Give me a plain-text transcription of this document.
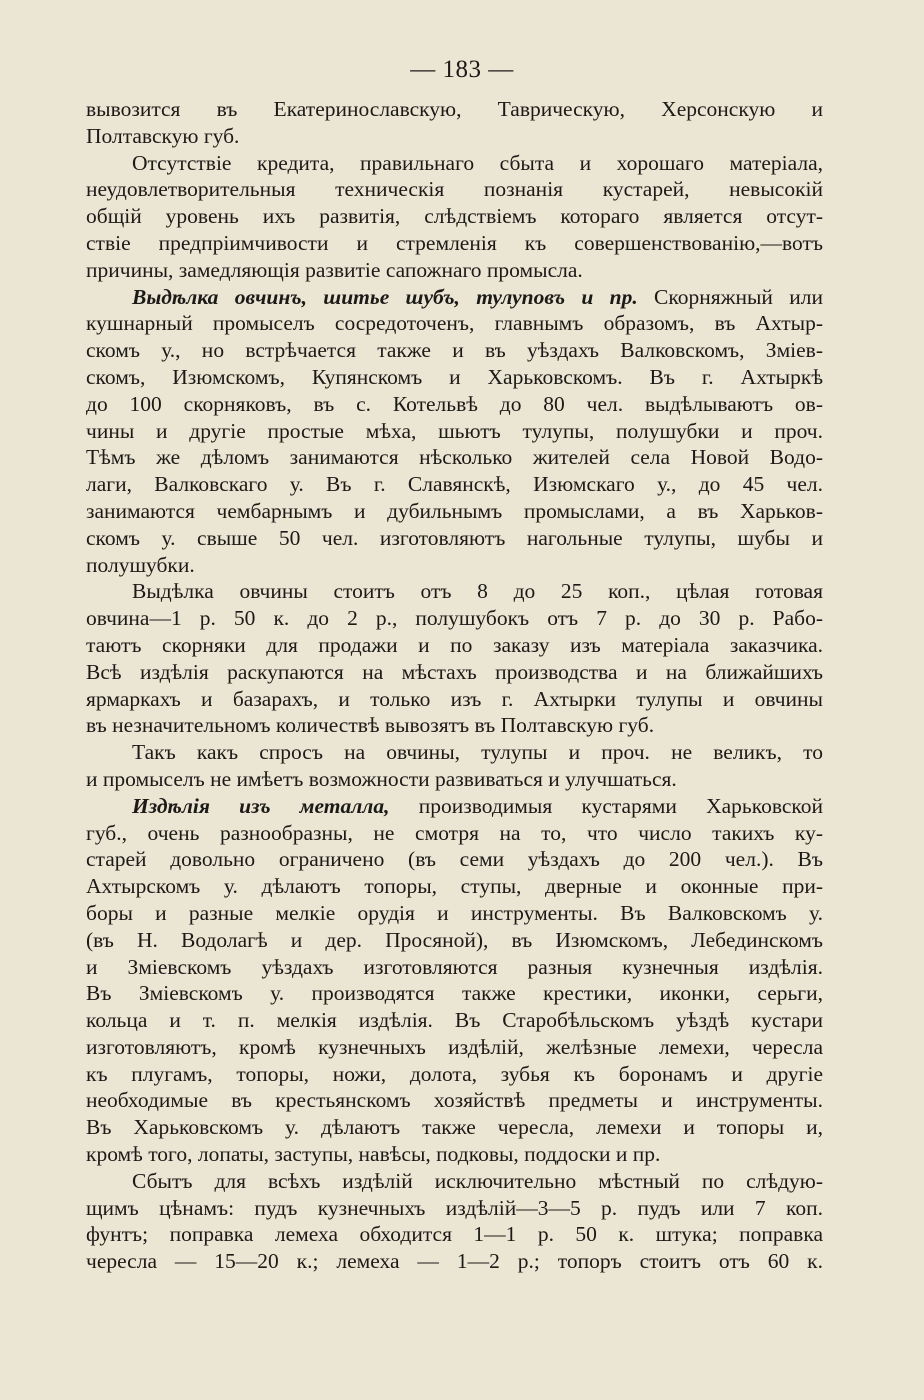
— 183 —
вывозится въ Екатеринославскую, Таврическую, Херсонскую и
Полтавскую губ.
Отсутствіе кредита, правильнаго сбыта и хорошаго матеріала,
неудовлетворительныя техническія познанія кустарей, невысокій
общій уровень ихъ развитія, слѣдствіемъ котораго является отсут-
ствіе предпріимчивости и стремленія къ совершенствованію,—вотъ
причины, замедляющія развитіе сапожнаго промысла.
Выдѣлка овчинъ, шитье шубъ, тулуповъ и пр. Скорняжный или
кушнарный промыселъ сосредоточенъ, главнымъ образомъ, въ Ахтыр-
скомъ у., но встрѣчается также и въ уѣздахъ Валковскомъ, Зміев-
скомъ, Изюмскомъ, Купянскомъ и Харьковскомъ. Въ г. Ахтыркѣ
до 100 скорняковъ, въ с. Котельвѣ до 80 чел. выдѣлываютъ ов-
чины и другіе простые мѣха, шьютъ тулупы, полушубки и проч.
Тѣмъ же дѣломъ занимаются нѣсколько жителей села Новой Водо-
лаги, Валковскаго у. Въ г. Славянскѣ, Изюмскаго у., до 45 чел.
занимаются чембарнымъ и дубильнымъ промыслами, а въ Харьков-
скомъ у. свыше 50 чел. изготовляютъ нагольные тулупы, шубы и
полушубки.
Выдѣлка овчины стоитъ отъ 8 до 25 коп., цѣлая готовая
овчина—1 р. 50 к. до 2 р., полушубокъ отъ 7 р. до 30 р. Рабо-
таютъ скорняки для продажи и по заказу изъ матеріала заказчика.
Всѣ издѣлія раскупаются на мѣстахъ производства и на ближайшихъ
ярмаркахъ и базарахъ, и только изъ г. Ахтырки тулупы и овчины
въ незначительномъ количествѣ вывозятъ въ Полтавскую губ.
Такъ какъ спросъ на овчины, тулупы и проч. не великъ, то
и промыселъ не имѣетъ возможности развиваться и улучшаться.
Издѣлія изъ металла, производимыя кустарями Харьковской
губ., очень разнообразны, не смотря на то, что число такихъ ку-
старей довольно ограничено (въ семи уѣздахъ до 200 чел.). Въ
Ахтырскомъ у. дѣлаютъ топоры, ступы, дверные и оконные при-
боры и разные мелкіе орудія и инструменты. Въ Валковскомъ у.
(въ Н. Водолагѣ и дер. Просяной), въ Изюмскомъ, Лебединскомъ
и Зміевскомъ уѣздахъ изготовляются разныя кузнечныя издѣлія.
Въ Зміевскомъ у. производятся также крестики, иконки, серьги,
кольца и т. п. мелкія издѣлія. Въ Старобѣльскомъ уѣздѣ кустари
изготовляютъ, кромѣ кузнечныхъ издѣлій, желѣзные лемехи, чересла
къ плугамъ, топоры, ножи, долота, зубья къ боронамъ и другіе
необходимые въ крестьянскомъ хозяйствѣ предметы и инструменты.
Въ Харьковскомъ у. дѣлаютъ также чересла, лемехи и топоры и,
кромѣ того, лопаты, заступы, навѣсы, подковы, поддоски и пр.
Сбытъ для всѣхъ издѣлій исключительно мѣстный по слѣдую-
щимъ цѣнамъ: пудъ кузнечныхъ издѣлій—3—5 р. пудъ или 7 коп.
фунтъ; поправка лемеха обходится 1—1 р. 50 к. штука; поправка
чересла — 15—20 к.; лемеха — 1—2 р.; топоръ стоитъ отъ 60 к.
